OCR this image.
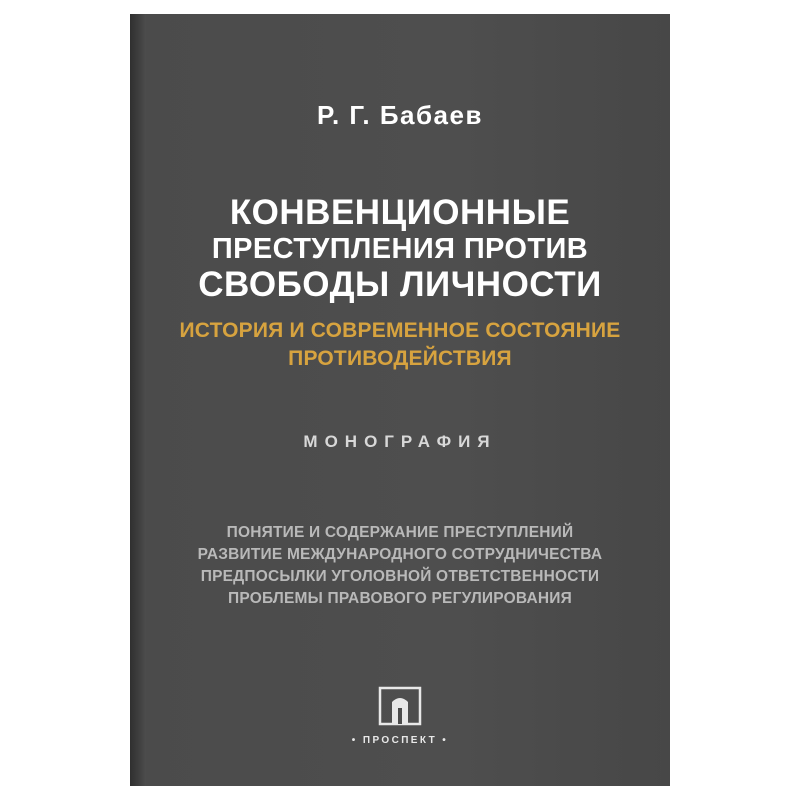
Р. Г. Бабаев
КОНВЕНЦИОННЫЕ
ПРЕСТУПЛЕНИЯ ПРОТИВ
СВОБОДЫ ЛИЧНОСТИ
ИСТОРИЯ И СОВРЕМЕННОЕ СОСТОЯНИЕ
ПРОТИВОДЕЙСТВИЯ
МОНОГРАФИЯ
ПОНЯТИЕ И СОДЕРЖАНИЕ ПРЕСТУПЛЕНИЙ
РАЗВИТИЕ МЕЖДУНАРОДНОГО СОТРУДНИЧЕСТВА
ПРЕДПОСЫЛКИ УГОЛОВНОЙ ОТВЕТСТВЕННОСТИ
ПРОБЛЕМЫ ПРАВОВОГО РЕГУЛИРОВАНИЯ
• ПРОСПЕКТ •
